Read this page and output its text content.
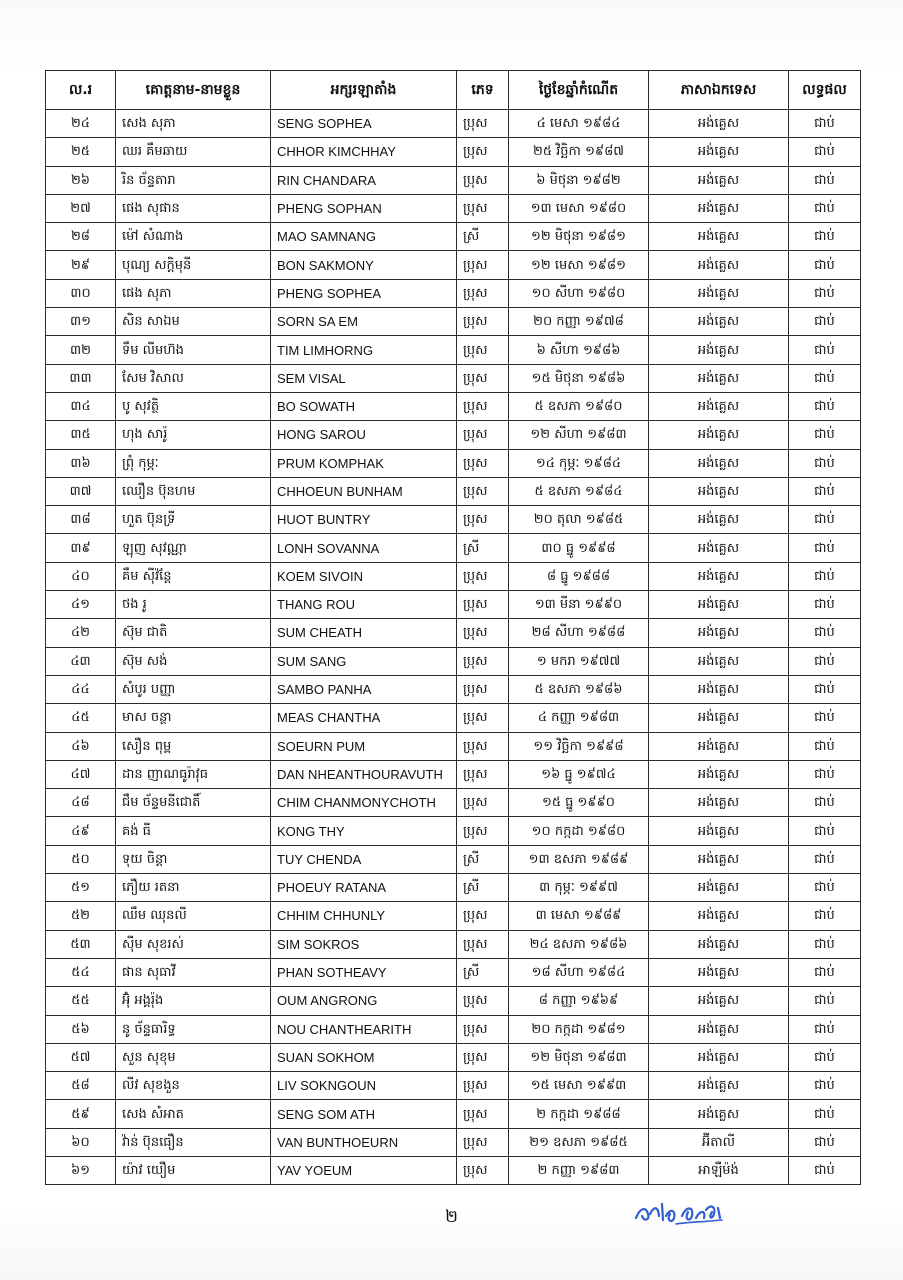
ល.រ	គោត្តនាម-នាមខ្លួន	អក្សរឡាតាំង	ភេទ	ថ្ងៃខែឆ្នាំកំណើត	ភាសាឯកទេស	លទ្ធផល
២៤	សេង សុភា	SENG SOPHEA	ប្រុស	៤ មេសា ១៩៨៤	អង់គ្លេស	ជាប់
២៥	ឈរ គឹមឆាយ	CHHOR KIMCHHAY	ប្រុស	២៥ វិច្ឆិកា ១៩៨៧	អង់គ្លេស	ជាប់
២៦	រិន ច័ន្ទតារា	RIN CHANDARA	ប្រុស	៦ មិថុនា ១៩៨២	អង់គ្លេស	ជាប់
២៧	ផេង សុផាន	PHENG SOPHAN	ប្រុស	១៣ មេសា ១៩៨០	អង់គ្លេស	ជាប់
២៨	ម៉ៅ សំណាង	MAO SAMNANG	ស្រី	១២ មិថុនា ១៩៨១	អង់គ្លេស	ជាប់
២៩	បុណ្យ សក្តិមុនី	BON SAKMONY	ប្រុស	១២ មេសា ១៩៨១	អង់គ្លេស	ជាប់
៣០	ផេង សុភា	PHENG SOPHEA	ប្រុស	១០ សីហា ១៩៨០	អង់គ្លេស	ជាប់
៣១	សិន សាឯម	SORN SA EM	ប្រុស	២០ កញ្ញា ១៩៧៨	អង់គ្លេស	ជាប់
៣២	ទឹម លីមហ៊ង	TIM LIMHORNG	ប្រុស	៦ សីហា ១៩៨៦	អង់គ្លេស	ជាប់
៣៣	សែម វិសាល	SEM VISAL	ប្រុស	១៥ មិថុនា ១៩៨៦	អង់គ្លេស	ជាប់
៣៤	បូ សុវត្ថិ	BO SOWATH	ប្រុស	៥ ឧសភា ១៩៨០	អង់គ្លេស	ជាប់
៣៥	ហុង សារ៉ូ	HONG SAROU	ប្រុស	១២ សីហា ១៩៨៣	អង់គ្លេស	ជាប់
៣៦	ព្រុំ កុម្ភៈ	PRUM KOMPHAK	ប្រុស	១៤ កុម្ភៈ ១៩៨៤	អង់គ្លេស	ជាប់
៣៧	ឈឿន ប៊ុនហម	CHHOEUN BUNHAM	ប្រុស	៥ ឧសភា ១៩៨៤	អង់គ្លេស	ជាប់
៣៨	ហួត ប៊ុនទ្រី	HUOT BUNTRY	ប្រុស	២០ តុលា ១៩៨៥	អង់គ្លេស	ជាប់
៣៩	ឡុញ សុវណ្ណា	LONH SOVANNA	ស្រី	៣០ ធ្នូ ១៩៩៨	អង់គ្លេស	ជាប់
៤០	គឹម ស៊ីវ៉ន្តែ	KOEM SIVOIN	ប្រុស	៨ ធ្នូ ១៩៨៨	អង់គ្លេស	ជាប់
៤១	ថង រូ	THANG ROU	ប្រុស	១៣ មីនា ១៩៩០	អង់គ្លេស	ជាប់
៤២	ស៊ុម ជាតិ	SUM CHEATH	ប្រុស	២៨ សីហា ១៩៨៨	អង់គ្លេស	ជាប់
៤៣	ស៊ុម សង់	SUM SANG	ប្រុស	១ មករា ១៩៧៧	អង់គ្លេស	ជាប់
៤៤	សំបូរ បញ្ញា	SAMBO PANHA	ប្រុស	៥ ឧសភា ១៩៨៦	អង់គ្លេស	ជាប់
៤៥	មាស ចន្ថា	MEAS CHANTHA	ប្រុស	៤ កញ្ញា ១៩៨៣	អង់គ្លេស	ជាប់
៤៦	សឿន ពុម្ព	SOEURN PUM	ប្រុស	១១ វិច្ឆិកា ១៩៩៨	អង់គ្លេស	ជាប់
៤៧	ដាន ញាណធូរ៉ាវុធ	DAN NHEANTHOURAVUTH	ប្រុស	១៦ ធ្នូ ១៩៧៤	អង់គ្លេស	ជាប់
៤៨	ជឹម ច័ន្ទមនីជោតិ៍	CHIM CHANMONYCHOTH	ប្រុស	១៥ ធ្នូ ១៩៩០	អង់គ្លេស	ជាប់
៤៩	គង់ ធី	KONG THY	ប្រុស	១០ កក្កដា ១៩៨០	អង់គ្លេស	ជាប់
៥០	ទុយ ចិន្តា	TUY CHENDA	ស្រី	១៣ ឧសភា ១៩៨៩	អង់គ្លេស	ជាប់
៥១	ភឿយ រតនា	PHOEUY RATANA	ស្រី	៣ កុម្ភៈ ១៩៩៧	អង់គ្លេស	ជាប់
៥២	ឈឹម ឈុនលី	CHHIM CHHUNLY	ប្រុស	៣ មេសា ១៩៨៩	អង់គ្លេស	ជាប់
៥៣	ស៊ីម សុខរស់	SIM SOKROS	ប្រុស	២៤ ឧសភា ១៩៨៦	អង់គ្លេស	ជាប់
៥៤	ផាន សុធាវី	PHAN SOTHEAVY	ស្រី	១៨ សីហា ១៩៨៤	អង់គ្លេស	ជាប់
៥៥	អ៊ុំ អង្គរ៉ុង	OUM ANGRONG	ប្រុស	៨ កញ្ញា ១៩៦៩	អង់គ្លេស	ជាប់
៥៦	នូ ច័ន្ទធារិទ្ធ	NOU CHANTHEARITH	ប្រុស	២០ កក្កដា ១៩៨១	អង់គ្លេស	ជាប់
៥៧	សួន សុខុម	SUAN SOKHOM	ប្រុស	១២ មិថុនា ១៩៨៣	អង់គ្លេស	ជាប់
៥៨	លីវ សុខងួន	LIV SOKNGOUN	ប្រុស	១៥ មេសា ១៩៩៣	អង់គ្លេស	ជាប់
៥៩	សេង សំអាត	SENG SOM ATH	ប្រុស	២ កក្កដា ១៩៨៨	អង់គ្លេស	ជាប់
៦០	វ៉ាន់ ប៊ុនធឿន	VAN BUNTHOEURN	ប្រុស	២១ ឧសភា ១៩៨៥	អ៊ីតាលី	ជាប់
៦១	យ៉ាវ យឿម	YAV YOEUM	ប្រុស	២ កញ្ញា ១៩៨៣	អាឡឺម៉ង់	ជាប់
២
